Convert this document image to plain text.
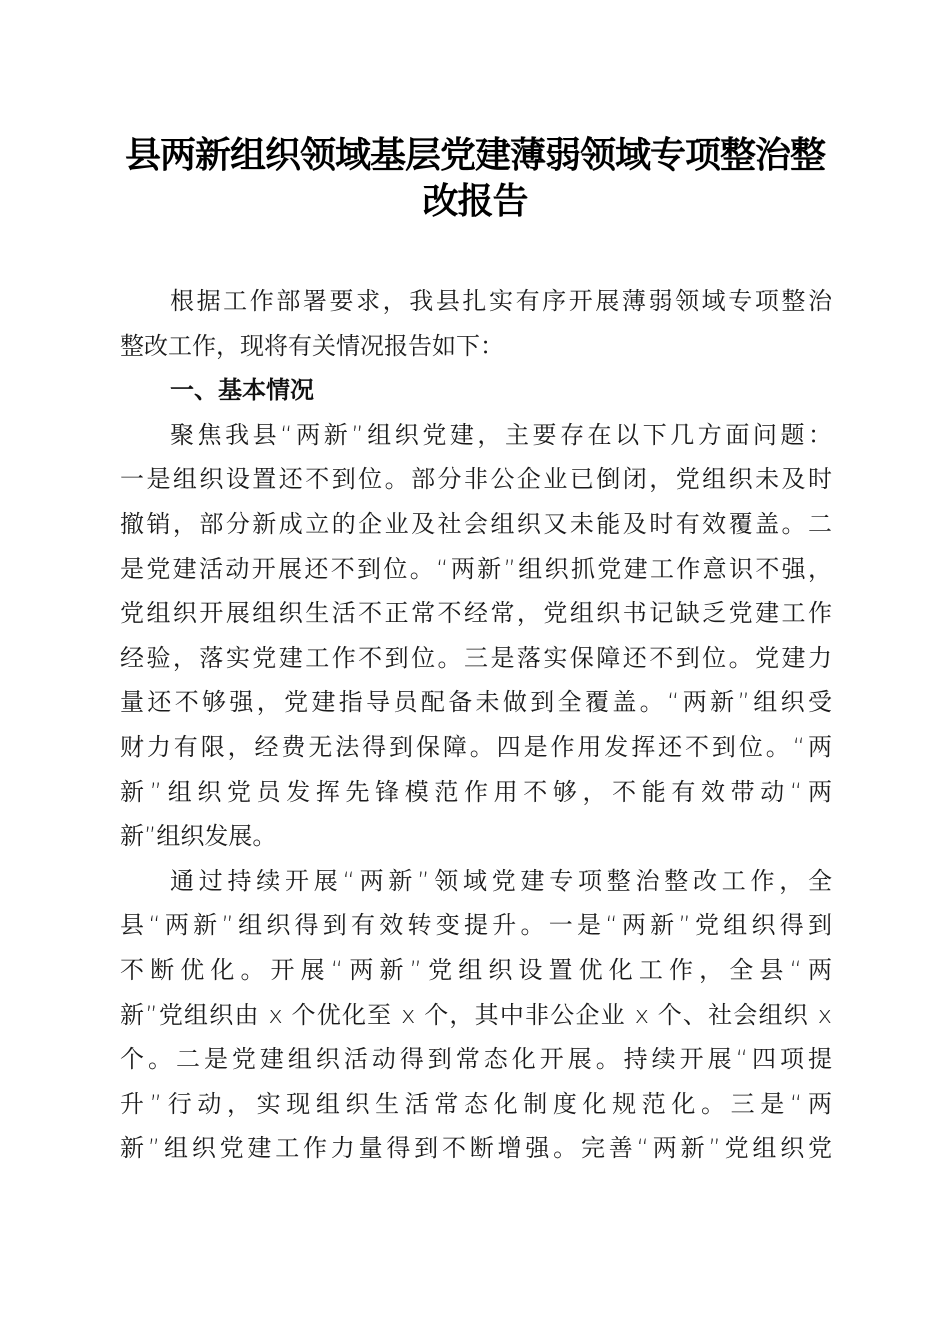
县两新组织领域基层党建薄弱领域专项整治整
改报告
根据工作部署要求，我县扎实有序开展薄弱领域专项整治
整改工作，现将有关情况报告如下：
一、基本情况
聚焦我县“两新”组织党建，主要存在以下几方面问题：
一是组织设置还不到位。部分非公企业已倒闭，党组织未及时
撤销，部分新成立的企业及社会组织又未能及时有效覆盖。二
是党建活动开展还不到位。“两新”组织抓党建工作意识不强，
党组织开展组织生活不正常不经常，党组织书记缺乏党建工作
经验，落实党建工作不到位。三是落实保障还不到位。党建力
量还不够强，党建指导员配备未做到全覆盖。“两新”组织受
财力有限，经费无法得到保障。四是作用发挥还不到位。“两
新”组织党员发挥先锋模范作用不够，不能有效带动“两
新”组织发展。
通过持续开展“两新”领域党建专项整治整改工作，全
县“两新”组织得到有效转变提升。一是“两新”党组织得到
不断优化。开展“两新”党组织设置优化工作，全县“两
新”党组织由 x 个优化至 x 个，其中非公企业 x 个、社会组织 x
个。二是党建组织活动得到常态化开展。持续开展“四项提
升”行动，实现组织生活常态化制度化规范化。三是“两
新”组织党建工作力量得到不断增强。完善“两新”党组织党
